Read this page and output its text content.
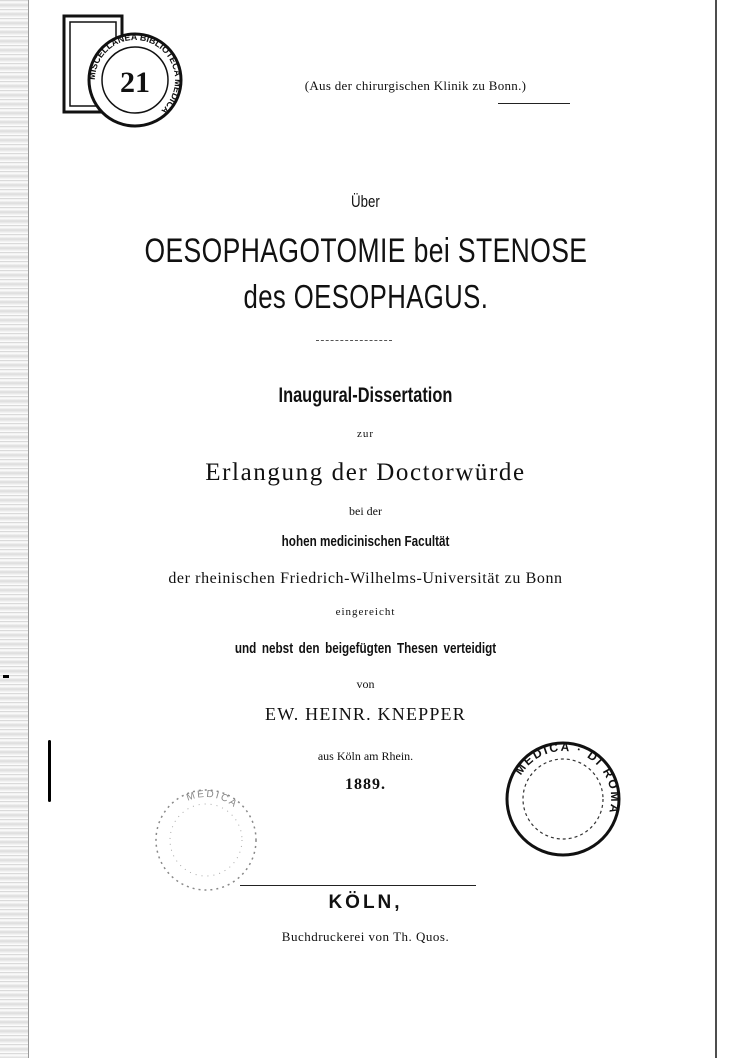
MISCELLANEA BIBLIOTECA MEDICA
21	(Aus der chirurgischen Klinik zu Bonn.)
Über
OESOPHAGOTOMIE bei STENOSE
des OESOPHAGUS.
Inaugural-Dissertation
zur
Erlangung der Doctorwürde
bei der
hohen medicinischen Facultät
der rheinischen Friedrich-Wilhelms-Universität zu Bonn
eingereicht
und nebst den beigefügten Thesen verteidigt
von
EW. HEINR. KNEPPER
aus Köln am Rhein.
1889.
MEDICA · DI ROMA
MEDICA
KÖLN,
Buchdruckerei von Th. Quos.
